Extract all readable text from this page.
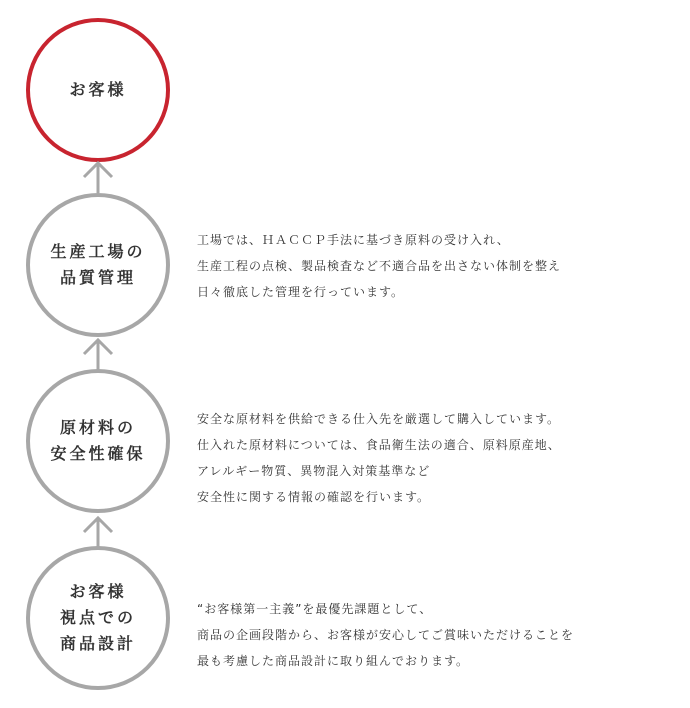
お客様
生産工場の
品質管理
工場では、ＨＡＣＣＰ手法に基づき原料の受け入れ、
生産工程の点検、製品検査など不適合品を出さない体制を整え
日々徹底した管理を行っています。
原材料の
安全性確保
安全な原材料を供給できる仕入先を厳選して購入しています。
仕入れた原材料については、食品衛生法の適合、原料原産地、
アレルギー物質、異物混入対策基準など
安全性に関する情報の確認を行います。
お客様
視点での
商品設計
“お客様第一主義”を最優先課題として、
商品の企画段階から、お客様が安心してご賞味いただけることを
最も考慮した商品設計に取り組んでおります。
